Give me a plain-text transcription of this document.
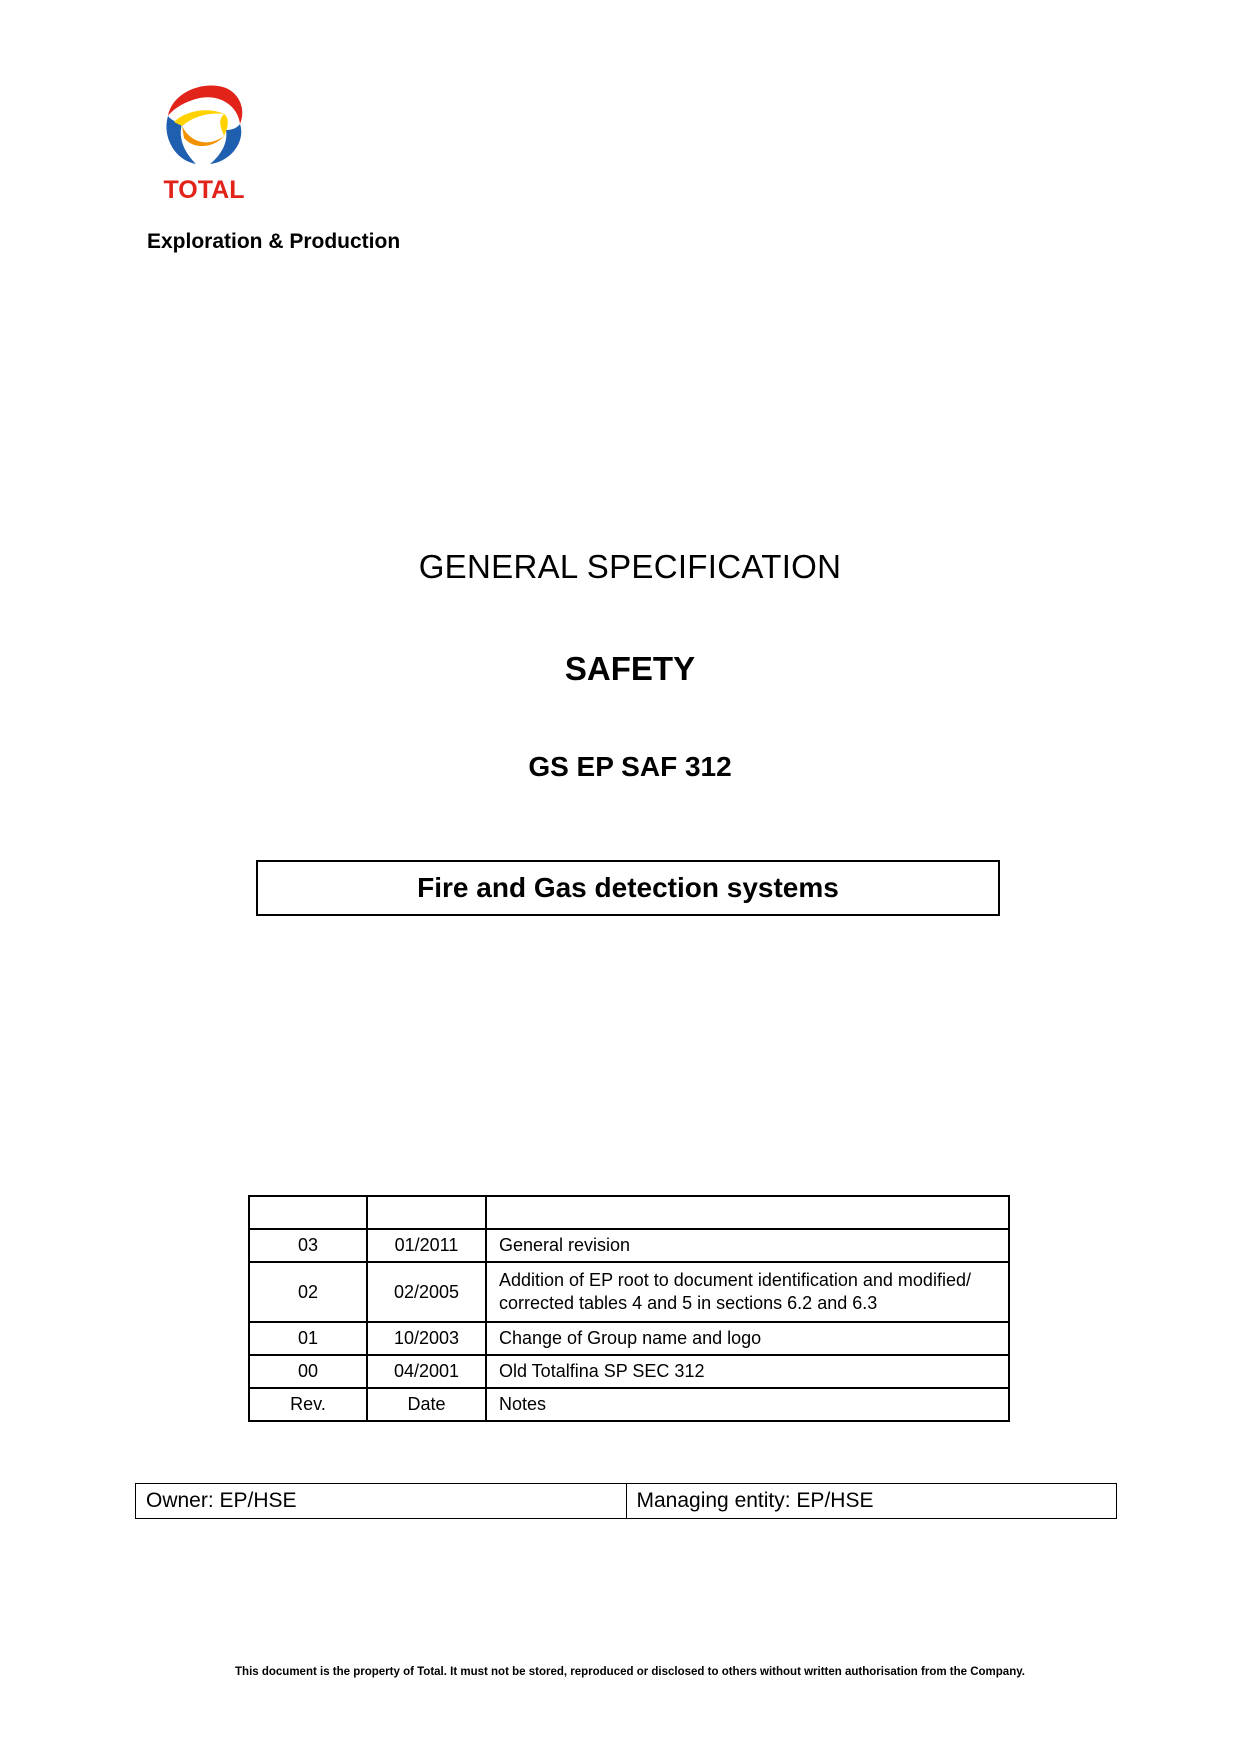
TOTAL
Exploration & Production
GENERAL SPECIFICATION
SAFETY
GS EP SAF 312
Fire and Gas detection systems

03	01/2011	General revision
02	02/2005	Addition of EP root to document identification and modified/ corrected tables 4 and 5 in sections 6.2 and 6.3
01	10/2003	Change of Group name and logo
00	04/2001	Old Totalfina SP SEC 312
Rev.	Date	Notes
Owner: EP/HSE	Managing entity: EP/HSE
This document is the property of Total. It must not be stored, reproduced or disclosed to others without written authorisation from the Company.
